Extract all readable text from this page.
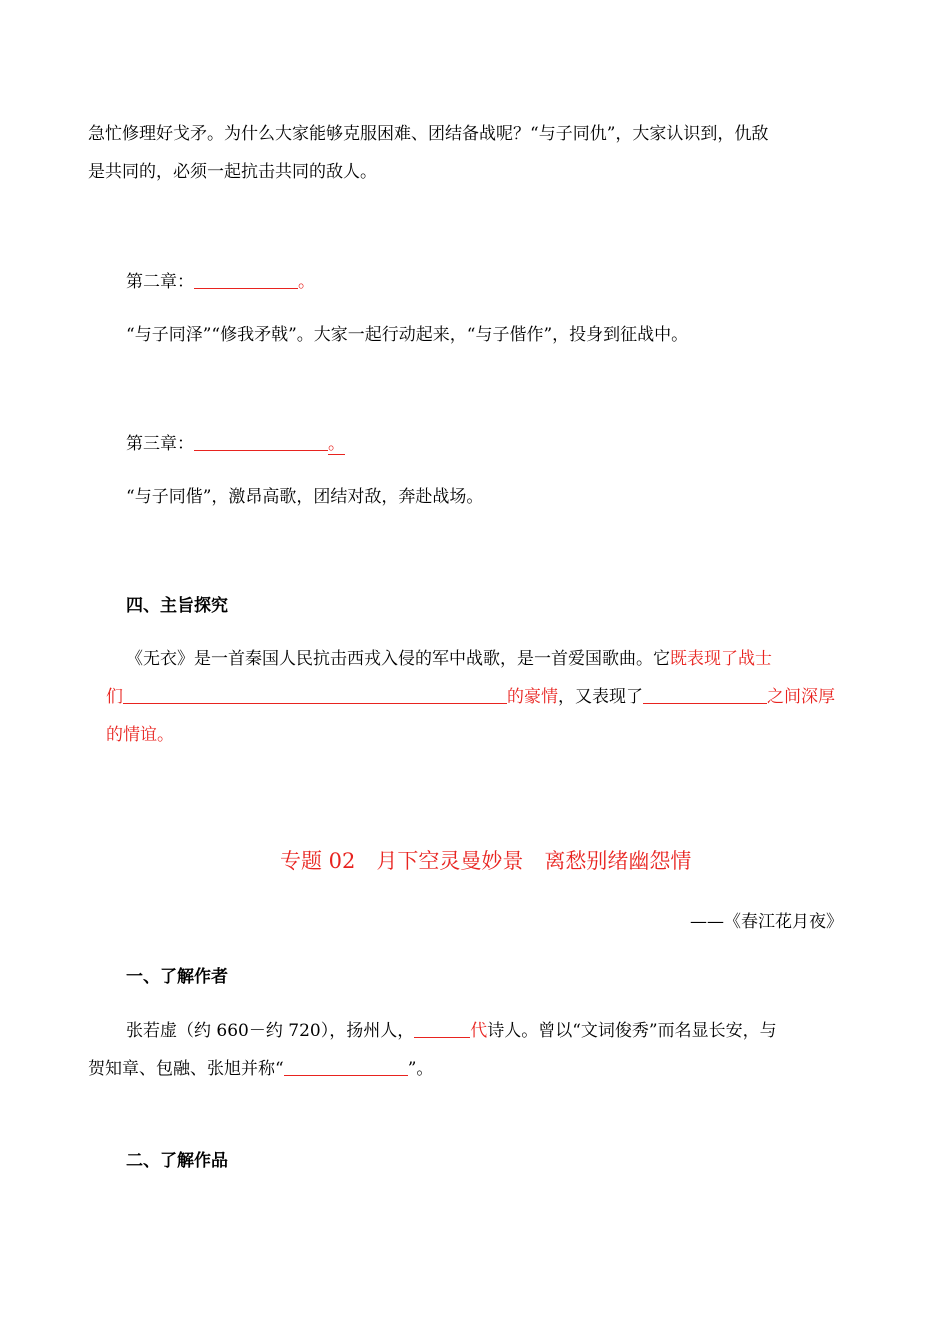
急忙修理好戈矛。为什么大家能够克服困难、团结备战呢？“与子同仇”，大家认识到，仇敌
是共同的，必须一起抗击共同的敌人。
第二章：	。
“与子同泽”“修我矛戟”。大家一起行动起来，“与子偕作”，投身到征战中。
第三章：	。
“与子同偕”，激昂高歌，团结对敌，奔赴战场。
四、主旨探究
《无衣》是一首秦国人民抗击西戎入侵的军中战歌，是一首爱国歌曲。它既表现了战士
们	的豪情，又表现了	之间深厚
的情谊。
专题 02　月下空灵曼妙景　离愁别绪幽怨情
——《春江花月夜》
一、了解作者
张若虚（约 660－约 720），扬州人，	代诗人。曾以“文词俊秀”而名显长安，与
贺知章、包融、张旭并称“	”。
二、了解作品
